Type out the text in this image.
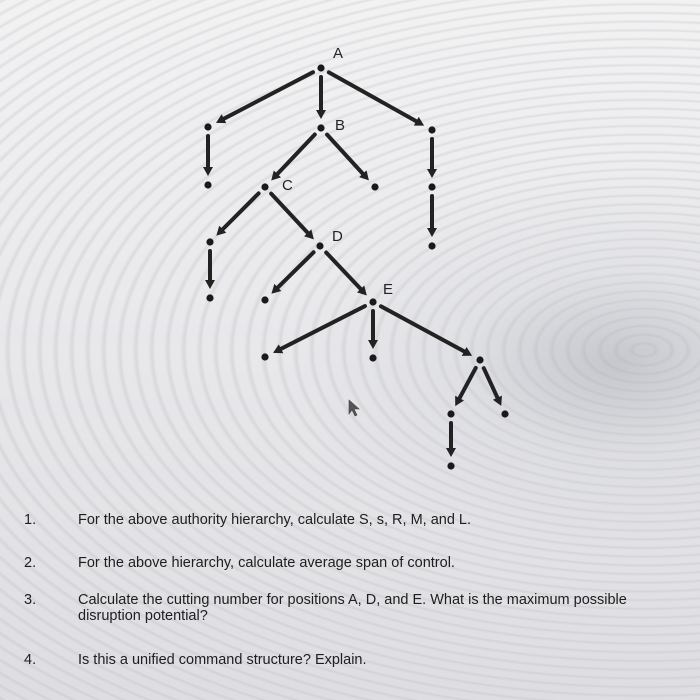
A
B
C
D
E
1.	For the above authority hierarchy, calculate S, s, R, M, and L.
2.	For the above hierarchy, calculate average span of control.
3.	Calculate the cutting number for positions A, D, and E. What is the maximum possible disruption potential?
4.	Is this a unified command structure? Explain.
